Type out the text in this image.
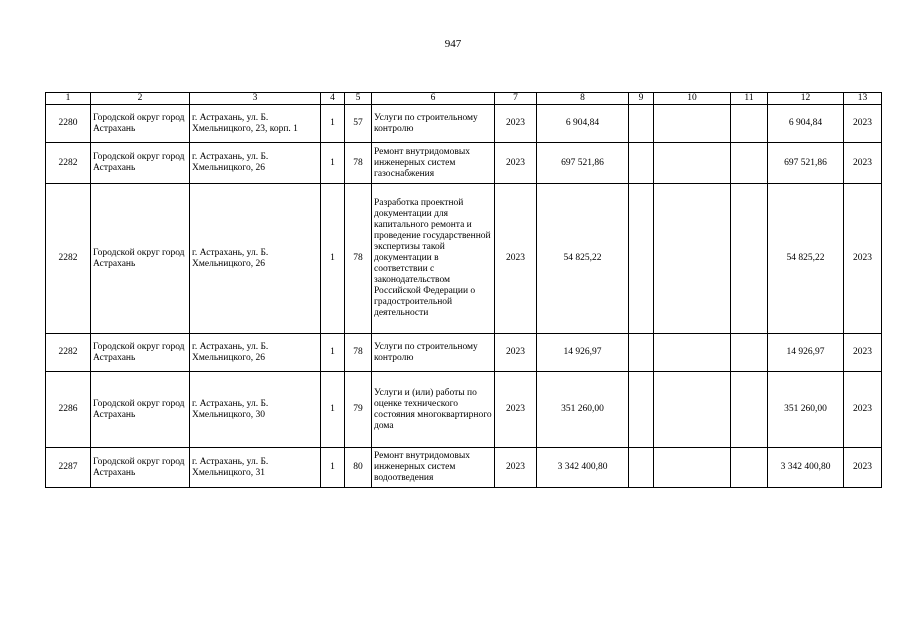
947
1	2	3	4	5	6	7	8	9	10	11	12	13
2280	Городской округ город Астрахань	г. Астрахань, ул. Б. Хмельницкого, 23, корп. 1	1	57	Услуги по строительному контролю	2023	6 904,84				6 904,84	2023
2282	Городской округ город Астрахань	г. Астрахань, ул. Б. Хмельницкого, 26	1	78	Ремонт внутридомовых инженерных систем газоснабжения	2023	697 521,86				697 521,86	2023
2282	Городской округ город Астрахань	г. Астрахань, ул. Б. Хмельницкого, 26	1	78	Разработка проектной документации для капитального ремонта и проведение государственной экспертизы такой документации в соответствии с законодательством Российской Федерации о градостроительной деятельности	2023	54 825,22				54 825,22	2023
2282	Городской округ город Астрахань	г. Астрахань, ул. Б. Хмельницкого, 26	1	78	Услуги по строительному контролю	2023	14 926,97				14 926,97	2023
2286	Городской округ город Астрахань	г. Астрахань, ул. Б. Хмельницкого, 30	1	79	Услуги и (или) работы по оценке технического состояния многоквартирного дома	2023	351 260,00				351 260,00	2023
2287	Городской округ город Астрахань	г. Астрахань, ул. Б. Хмельницкого, 31	1	80	Ремонт внутридомовых инженерных систем водоотведения	2023	3 342 400,80				3 342 400,80	2023
